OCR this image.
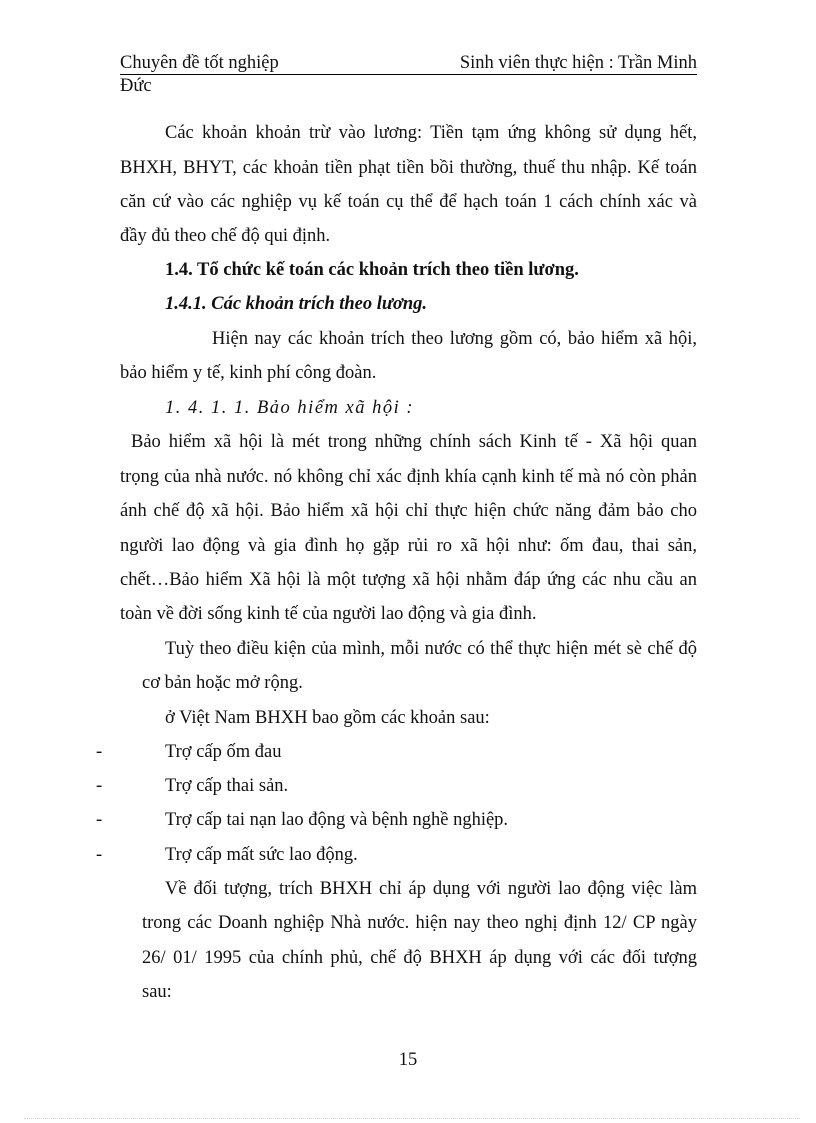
Chuyên đề tốt nghiệp	Sinh viên thực hiện : Trần Minh
Đức
Các khoản khoản trừ vào lương: Tiền tạm ứng không sử dụng hết,
BHXH, BHYT, các khoản tiền phạt tiền bồi thường, thuế thu nhập. Kế toán
căn cứ vào các nghiệp vụ kế toán cụ thể để hạch toán 1 cách chính xác và
đầy đủ theo chế độ qui định.
1.4. Tổ chức kế toán các khoản trích theo tiền lương.
1.4.1. Các khoản trích theo lương.
Hiện nay các khoản trích theo lương gồm có, bảo hiểm xã hội,
bảo hiểm y tế, kinh phí công đoàn.
1. 4. 1. 1. Bảo hiểm xã hội :
Bảo hiểm xã hội là mét trong những chính sách Kinh tế - Xã hội quan
trọng của nhà nước. nó không chỉ xác định khía cạnh kinh tế mà nó còn phản
ánh chế độ xã hội. Bảo hiểm xã hội chỉ thực hiện chức năng đảm bảo cho
người lao động và gia đình họ gặp rủi ro xã hội như: ốm đau, thai sản,
chết…Bảo hiểm Xã hội là một tượng xã hội nhằm đáp ứng các nhu cầu an
toàn về đời sống kinh tế của người lao động và gia đình.
Tuỳ theo điều kiện của mình, mỗi nước có thể thực hiện mét sè chế độ
cơ bản hoặc mở rộng.
ở Việt Nam BHXH bao gồm các khoản sau:
-	Trợ cấp ốm đau
-	Trợ cấp thai sản.
-	Trợ cấp tai nạn lao động và bệnh nghề nghiệp.
-	Trợ cấp mất sức lao động.
Về đối tượng, trích BHXH chỉ áp dụng với người lao động việc làm
trong các Doanh nghiệp Nhà nước. hiện nay theo nghị định 12/ CP ngày
26/ 01/ 1995 của chính phủ, chế độ BHXH áp dụng với các đối tượng
sau:
15
